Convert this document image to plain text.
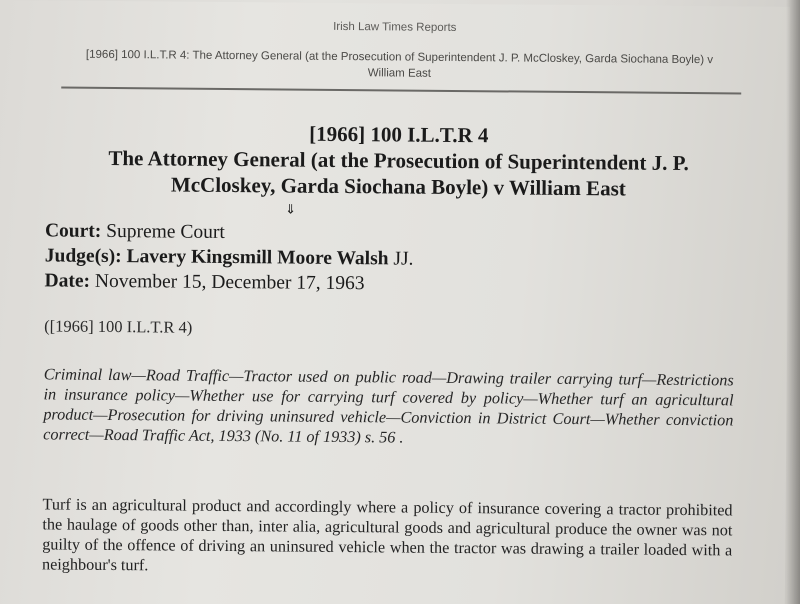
Irish Law Times Reports
[1966] 100 I.L.T.R 4: The Attorney General (at the Prosecution of Superintendent J. P. McCloskey, Garda Siochana Boyle) v William East
[1966] 100 I.L.T.R 4
The Attorney General (at the Prosecution of Superintendent J. P. McCloskey, Garda Siochana Boyle) v William East
⇓
Court: Supreme Court
Judge(s): Lavery Kingsmill Moore Walsh JJ.
Date: November 15, December 17, 1963
([1966] 100 I.L.T.R 4)
Criminal law—Road Traffic—Tractor used on public road—Drawing trailer carrying turf—Restrictions in insurance policy—Whether use for carrying turf covered by policy—Whether turf an agricultural product—Prosecution for driving uninsured vehicle—Conviction in District Court—Whether conviction correct—Road Traffic Act, 1933 (No. 11 of 1933) s. 56 .
Turf is an agricultural product and accordingly where a policy of insurance covering a tractor prohibited the haulage of goods other than, inter alia, agricultural goods and agricultural produce the owner was not guilty of the offence of driving an uninsured vehicle when the tractor was drawing a trailer loaded with a neighbour's turf.
